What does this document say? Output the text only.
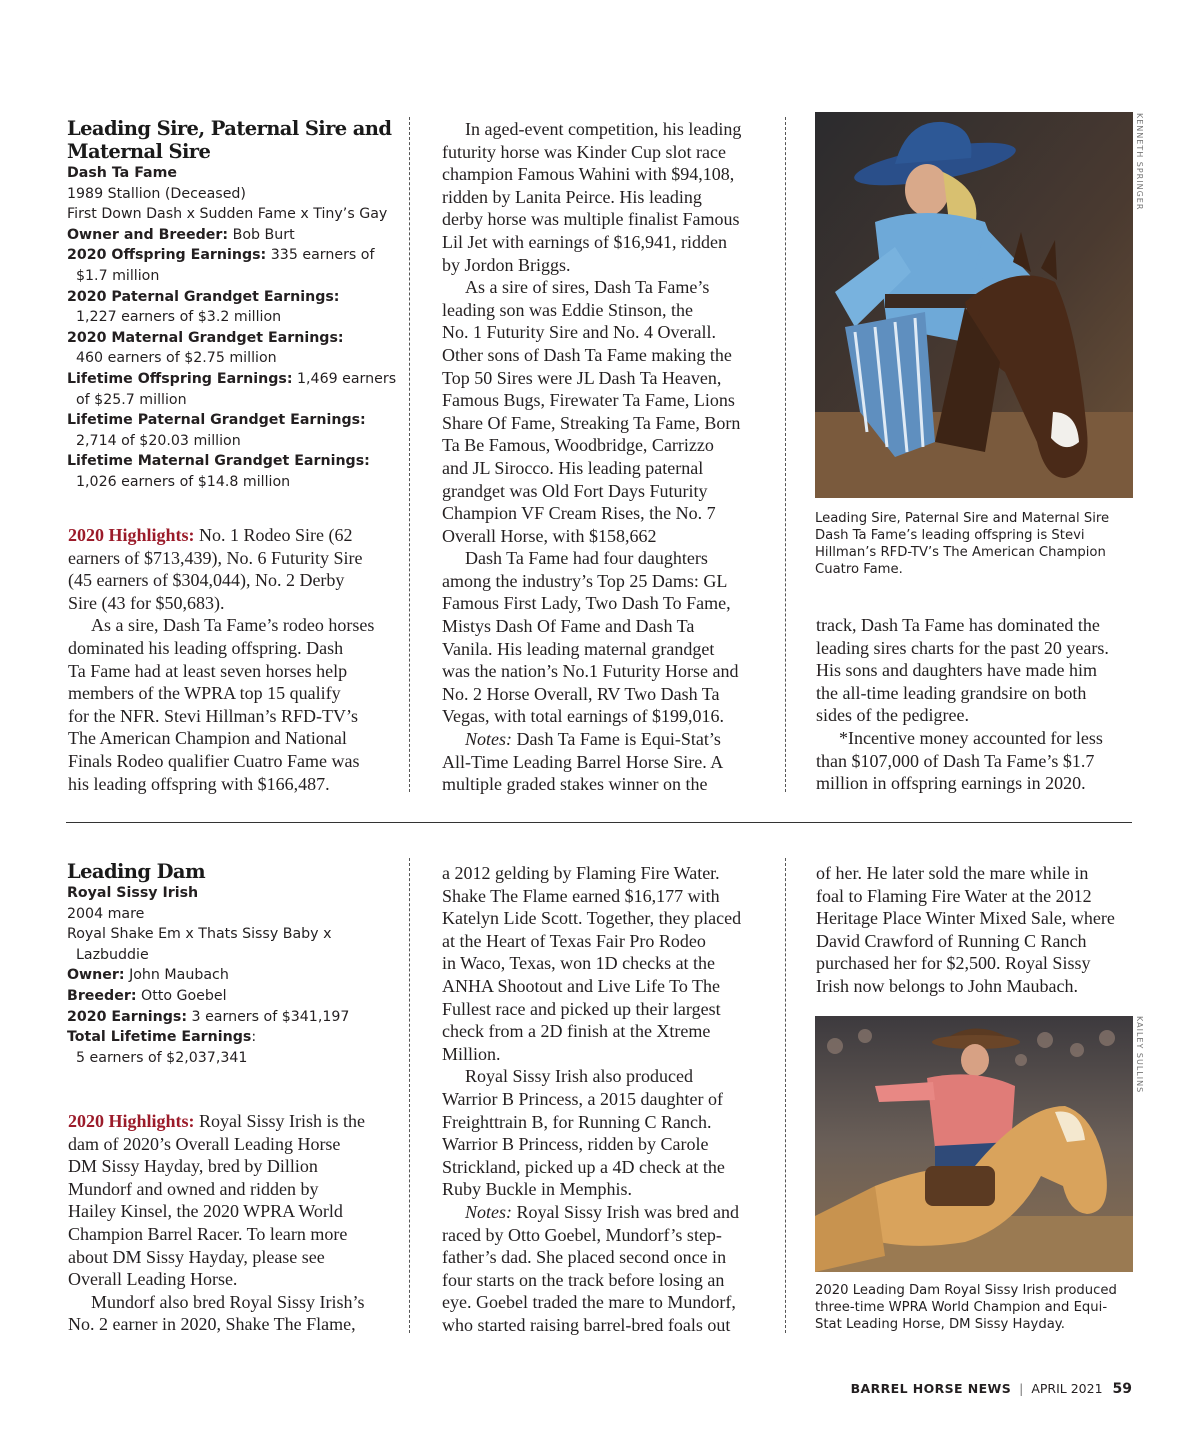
Leading Sire, Paternal Sire and
Maternal Sire
Dash Ta Fame
1989 Stallion (Deceased)
First Down Dash x Sudden Fame x Tiny’s Gay
Owner and Breeder: Bob Burt
2020 Offspring Earnings: 335 earners of
$1.7 million
2020 Paternal Grandget Earnings:
1,227 earners of $3.2 million
2020 Maternal Grandget Earnings:
460 earners of $2.75 million
Lifetime Offspring Earnings: 1,469 earners
of $25.7 million
Lifetime Paternal Grandget Earnings:
2,714 of $20.03 million
Lifetime Maternal Grandget Earnings:
1,026 earners of $14.8 million
2020 Highlights: No. 1 Rodeo Sire (62
earners of $713,439), No. 6 Futurity Sire
(45 earners of $304,044), No. 2 Derby
Sire (43 for $50,683).
As a sire, Dash Ta Fame’s rodeo horses
dominated his leading offspring. Dash
Ta Fame had at least seven horses help
members of the WPRA top 15 qualify
for the NFR. Stevi Hillman’s RFD-TV’s
The American Champion and National
Finals Rodeo qualifier Cuatro Fame was
his leading offspring with $166,487.
In aged-event competition, his leading
futurity horse was Kinder Cup slot race
champion Famous Wahini with $94,108,
ridden by Lanita Peirce. His leading
derby horse was multiple finalist Famous
Lil Jet with earnings of $16,941, ridden
by Jordon Briggs.
As a sire of sires, Dash Ta Fame’s
leading son was Eddie Stinson, the
No. 1 Futurity Sire and No. 4 Overall.
Other sons of Dash Ta Fame making the
Top 50 Sires were JL Dash Ta Heaven,
Famous Bugs, Firewater Ta Fame, Lions
Share Of Fame, Streaking Ta Fame, Born
Ta Be Famous, Woodbridge, Carrizzo
and JL Sirocco. His leading paternal
grandget was Old Fort Days Futurity
Champion VF Cream Rises, the No. 7
Overall Horse, with $158,662
Dash Ta Fame had four daughters
among the industry’s Top 25 Dams: GL
Famous First Lady, Two Dash To Fame,
Mistys Dash Of Fame and Dash Ta
Vanila. His leading maternal grandget
was the nation’s No.1 Futurity Horse and
No. 2 Horse Overall, RV Two Dash Ta
Vegas, with total earnings of $199,016.
Notes: Dash Ta Fame is Equi-Stat’s
All-Time Leading Barrel Horse Sire. A
multiple graded stakes winner on the
KENNETH SPRINGER
Leading Sire, Paternal Sire and Maternal Sire
Dash Ta Fame’s leading offspring is Stevi
Hillman’s RFD-TV’s The American Champion
Cuatro Fame.
track, Dash Ta Fame has dominated the
leading sires charts for the past 20 years.
His sons and daughters have made him
the all-time leading grandsire on both
sides of the pedigree.
*Incentive money accounted for less
than $107,000 of Dash Ta Fame’s $1.7
million in offspring earnings in 2020.
Leading Dam
Royal Sissy Irish
2004 mare
Royal Shake Em x Thats Sissy Baby x
Lazbuddie
Owner: John Maubach
Breeder: Otto Goebel
2020 Earnings: 3 earners of $341,197
Total Lifetime Earnings:
5 earners of $2,037,341
2020 Highlights: Royal Sissy Irish is the
dam of 2020’s Overall Leading Horse
DM Sissy Hayday, bred by Dillion
Mundorf and owned and ridden by
Hailey Kinsel, the 2020 WPRA World
Champion Barrel Racer. To learn more
about DM Sissy Hayday, please see
Overall Leading Horse.
Mundorf also bred Royal Sissy Irish’s
No. 2 earner in 2020, Shake The Flame,
a 2012 gelding by Flaming Fire Water.
Shake The Flame earned $16,177 with
Katelyn Lide Scott. Together, they placed
at the Heart of Texas Fair Pro Rodeo
in Waco, Texas, won 1D checks at the
ANHA Shootout and Live Life To The
Fullest race and picked up their largest
check from a 2D finish at the Xtreme
Million.
Royal Sissy Irish also produced
Warrior B Princess, a 2015 daughter of
Freighttrain B, for Running C Ranch.
Warrior B Princess, ridden by Carole
Strickland, picked up a 4D check at the
Ruby Buckle in Memphis.
Notes: Royal Sissy Irish was bred and
raced by Otto Goebel, Mundorf’s step-
father’s dad. She placed second once in
four starts on the track before losing an
eye. Goebel traded the mare to Mundorf,
who started raising barrel-bred foals out
of her. He later sold the mare while in
foal to Flaming Fire Water at the 2012
Heritage Place Winter Mixed Sale, where
David Crawford of Running C Ranch
purchased her for $2,500. Royal Sissy
Irish now belongs to John Maubach.
KAILEY SULLINS
2020 Leading Dam Royal Sissy Irish produced
three-time WPRA World Champion and Equi-
Stat Leading Horse, DM Sissy Hayday.
BARREL HORSE NEWS | APRIL 2021 59
